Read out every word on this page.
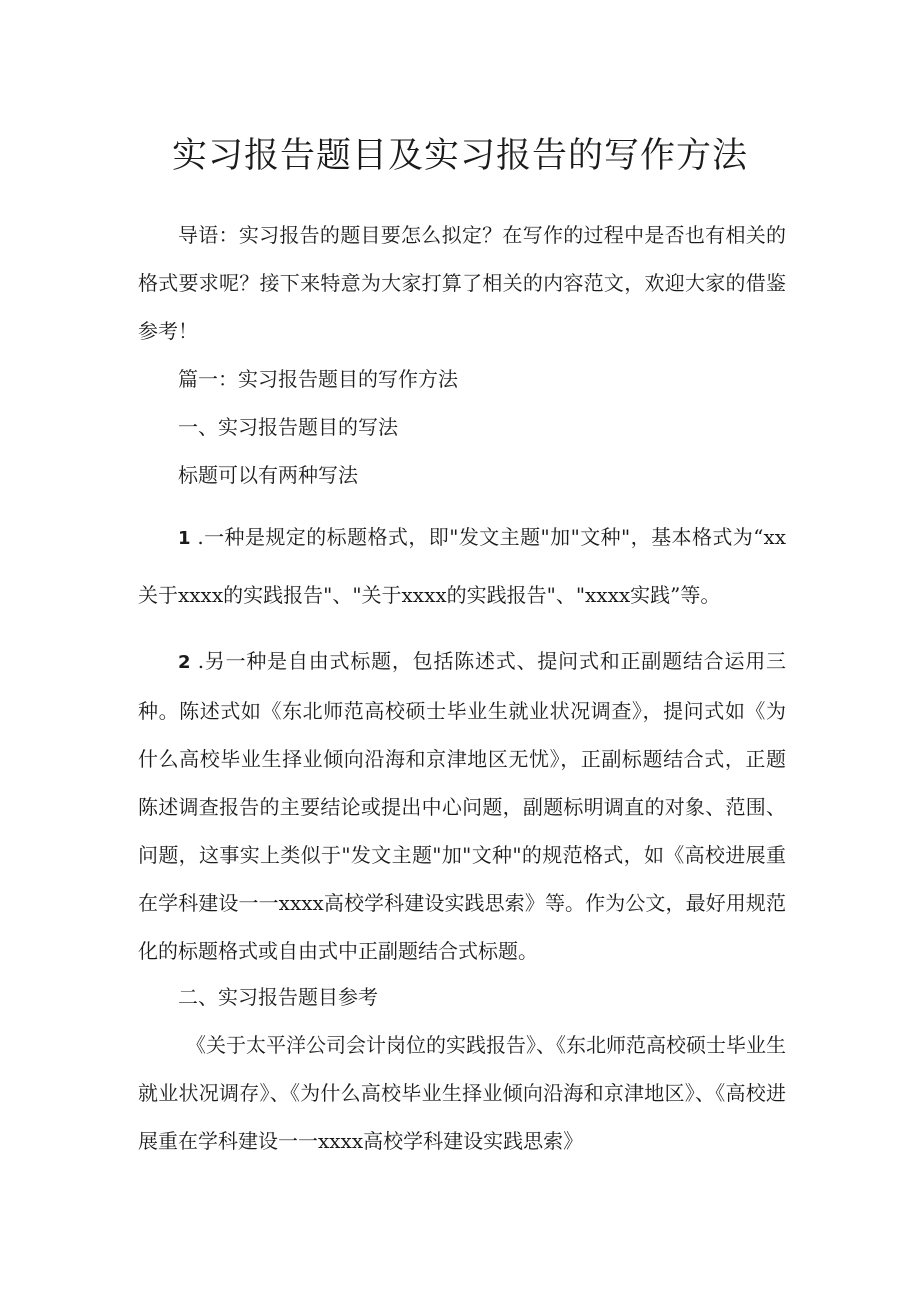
实习报告题目及实习报告的写作方法

导语：实习报告的题目要怎么拟定？在写作的过程中是否也有相关的格式要求呢？接下来特意为大家打算了相关的内容范文，欢迎大家的借鉴参考！

篇一：实习报告题目的写作方法

一、实习报告题目的写法

标题可以有两种写法

1 .一种是规定的标题格式，即"发文主题"加"文种"，基本格式为“xx关于xxxx的实践报告"、"关于xxxx的实践报告"、"xxxx实践”等。

2 .另一种是自由式标题，包括陈述式、提问式和正副题结合运用三种。陈述式如《东北师范高校硕士毕业生就业状况调查》，提问式如《为什么高校毕业生择业倾向沿海和京津地区无忧》，正副标题结合式，正题陈述调查报告的主要结论或提出中心问题，副题标明调直的对象、范围、问题，这事实上类似于"发文主题"加"文种"的规范格式，如《高校进展重在学科建设一一xxxx高校学科建设实践思索》等。作为公文，最好用规范化的标题格式或自由式中正副题结合式标题。

二、实习报告题目参考

《关于太平洋公司会计岗位的实践报告》、《东北师范高校硕士毕业生就业状况调存》、《为什么高校毕业生择业倾向沿海和京津地区》、《高校进展重在学科建设一一xxxx高校学科建设实践思索》
